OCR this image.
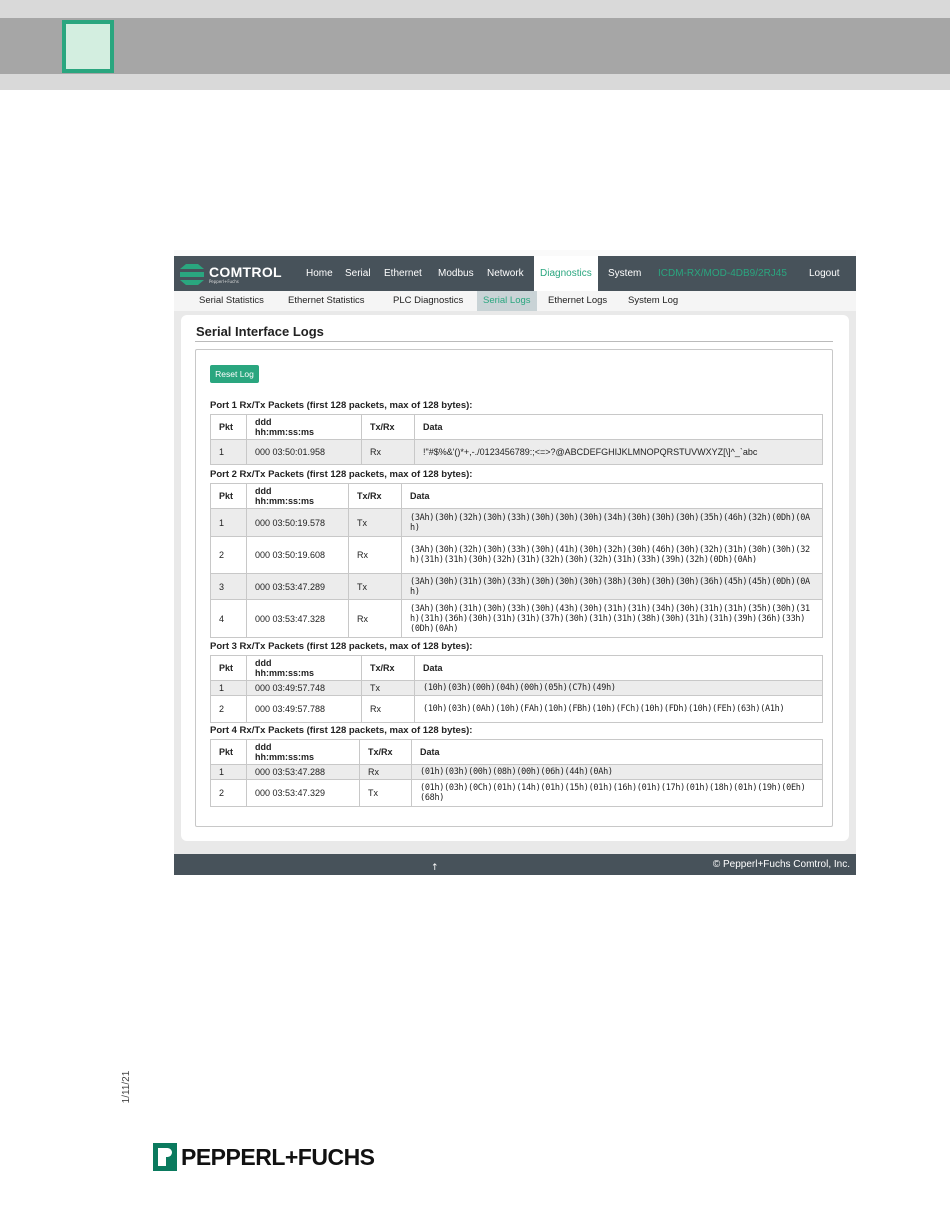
1/11/21
PEPPERL+FUCHS
COMTROL
Pepperl+Fuchs
Home Serial Ethernet Modbus Network	Diagnostics	System ICDM-RX/MOD-4DB9/2RJ45 Logout
Serial Statistics	Ethernet Statistics	PLC Diagnostics	Serial Logs	Ethernet Logs System Log
Serial Interface Logs
Reset Log
Port 1 Rx/Tx Packets (first 128 packets, max of 128 bytes):
Pkt	ddd
hh:mm:ss:ms	Tx/Rx	Data
1	000 03:50:01.958	Rx	!"#$%&'()*+,-./0123456789:;<=>?@ABCDEFGHIJKLMNOPQRSTUVWXYZ[\]^_`abc
Port 2 Rx/Tx Packets (first 128 packets, max of 128 bytes):
Pkt	ddd
hh:mm:ss:ms	Tx/Rx	Data
1	000 03:50:19.578	Tx	(3Ah)(30h)(32h)(30h)(33h)(30h)(30h)(30h)(34h)(30h)(30h)(30h)(35h)(46h)(32h)(0Dh)(0Ah)
2	000 03:50:19.608	Rx	(3Ah)(30h)(32h)(30h)(33h)(30h)(41h)(30h)(32h)(30h)(46h)(30h)(32h)(31h)(30h)(30h)(32h)(31h)(31h)(30h)(32h)(31h)(32h)(30h)(32h)(31h)(33h)(39h)(32h)(0Dh)(0Ah)
3	000 03:53:47.289	Tx	(3Ah)(30h)(31h)(30h)(33h)(30h)(30h)(30h)(38h)(30h)(30h)(30h)(36h)(45h)(45h)(0Dh)(0Ah)
4	000 03:53:47.328	Rx	(3Ah)(30h)(31h)(30h)(33h)(30h)(43h)(30h)(31h)(31h)(34h)(30h)(31h)(31h)(35h)(30h)(31h)(31h)(36h)(30h)(31h)(31h)(37h)(30h)(31h)(31h)(38h)(30h)(31h)(31h)(39h)(36h)(33h)(0Dh)(0Ah)
Port 3 Rx/Tx Packets (first 128 packets, max of 128 bytes):
Pkt	ddd
hh:mm:ss:ms	Tx/Rx	Data
1	000 03:49:57.748	Tx	(10h)(03h)(00h)(04h)(00h)(05h)(C7h)(49h)
2	000 03:49:57.788	Rx	(10h)(03h)(0Ah)(10h)(FAh)(10h)(FBh)(10h)(FCh)(10h)(FDh)(10h)(FEh)(63h)(A1h)
Port 4 Rx/Tx Packets (first 128 packets, max of 128 bytes):
Pkt	ddd
hh:mm:ss:ms	Tx/Rx	Data
1	000 03:53:47.288	Rx	(01h)(03h)(00h)(08h)(00h)(06h)(44h)(0Ah)
2	000 03:53:47.329	Tx	(01h)(03h)(0Ch)(01h)(14h)(01h)(15h)(01h)(16h)(01h)(17h)(01h)(18h)(01h)(19h)(0Eh)(68h)
© Pepperl+Fuchs Comtrol, Inc.
↑
